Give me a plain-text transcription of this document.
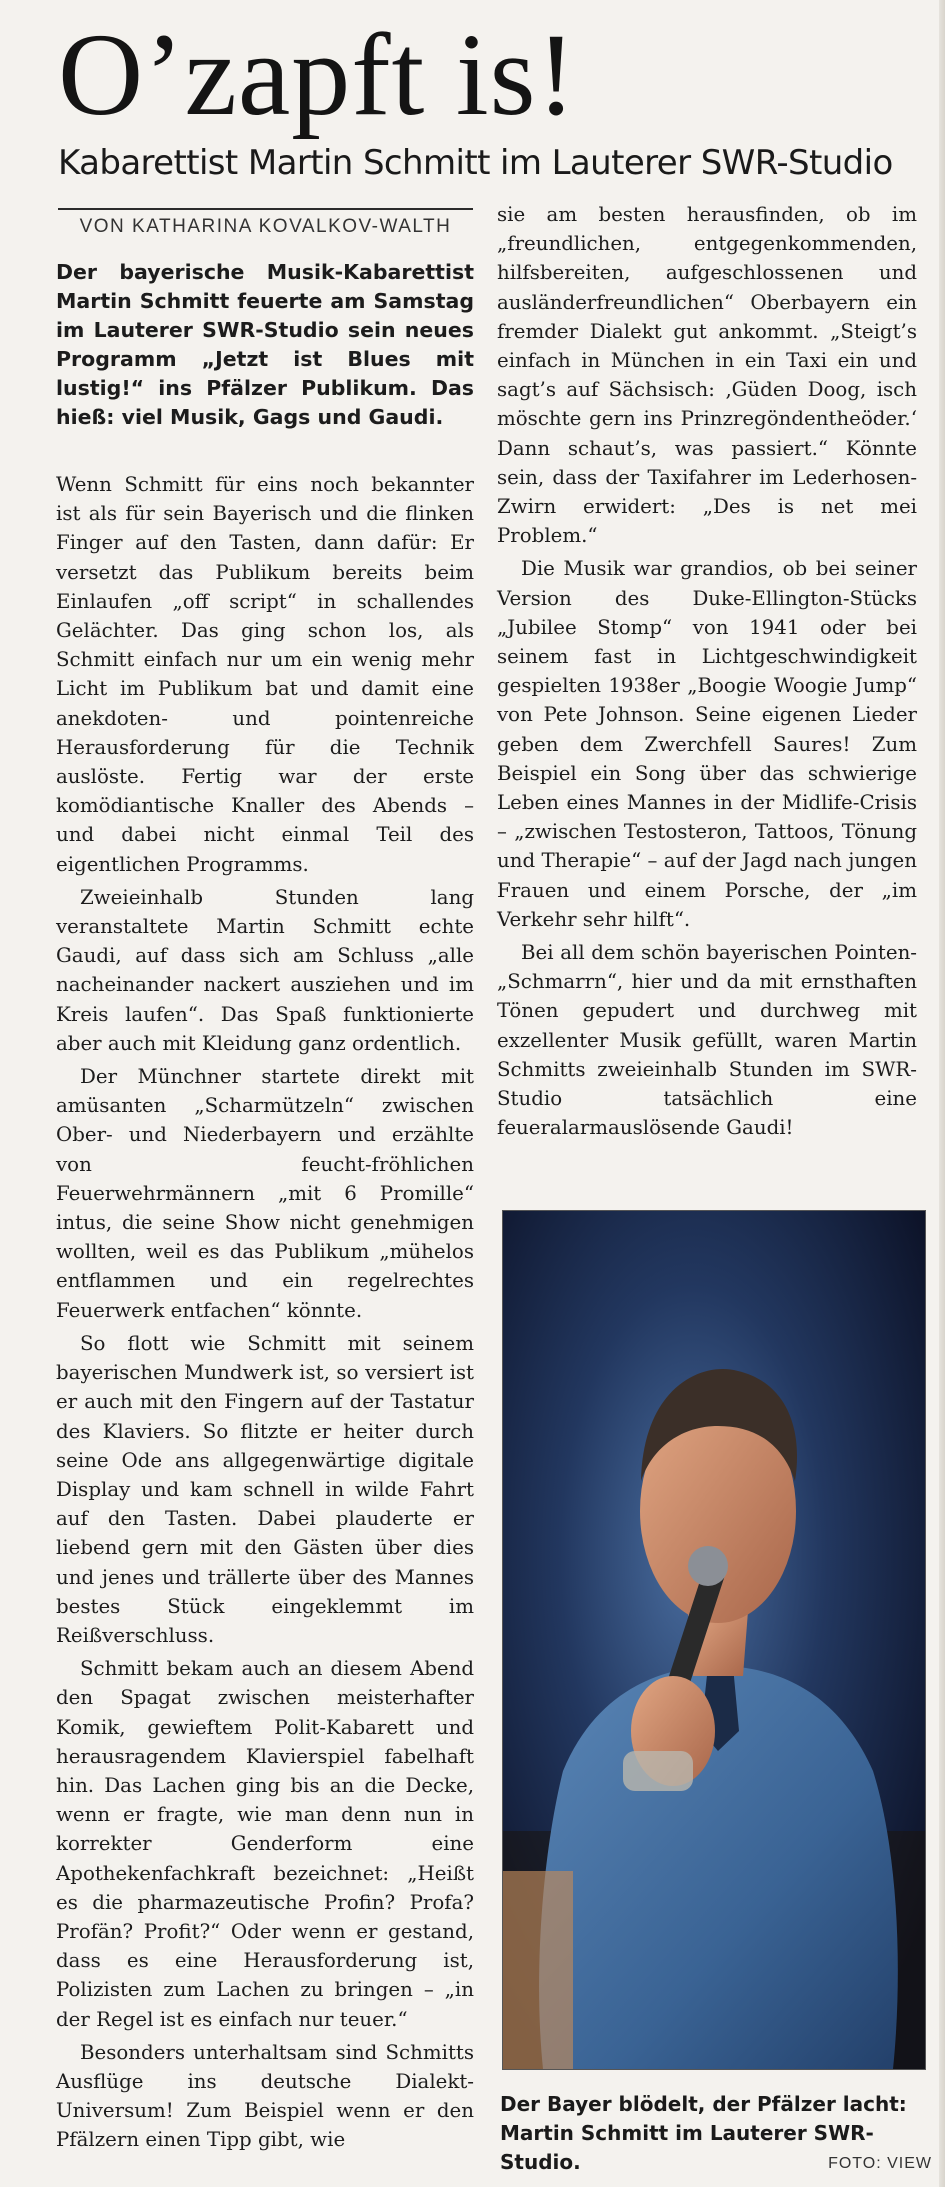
O’zapft is!
Kabarettist Martin Schmitt im Lauterer SWR-Studio
VON KATHARINA KOVALKOV-WALTH

Der bayerische Musik-Kabarettist Martin Schmitt feuerte am Samstag im Lauterer SWR-Studio sein neues Programm „Jetzt ist Blues mit lustig!“ ins Pfälzer Publikum. Das hieß: viel Musik, Gags und Gaudi.

Wenn Schmitt für eins noch bekannter ist als für sein Bayerisch und die flinken Finger auf den Tasten, dann dafür: Er versetzt das Publikum bereits beim Einlaufen „off script“ in schallendes Gelächter. Das ging schon los, als Schmitt einfach nur um ein wenig mehr Licht im Publikum bat und damit eine anekdoten- und pointenreiche Herausforderung für die Technik auslöste. Fertig war der erste komödiantische Knaller des Abends – und dabei nicht einmal Teil des eigentlichen Programms.

Zweieinhalb Stunden lang veranstaltete Martin Schmitt echte Gaudi, auf dass sich am Schluss „alle nacheinander nackert ausziehen und im Kreis laufen“. Das Spaß funktionierte aber auch mit Kleidung ganz ordentlich.

Der Münchner startete direkt mit amüsanten „Scharmützeln“ zwischen Ober- und Niederbayern und erzählte von feucht-fröhlichen Feuerwehrmännern „mit 6 Promille“ intus, die seine Show nicht genehmigen wollten, weil es das Publikum „mühelos entflammen und ein regelrechtes Feuerwerk entfachen“ könnte.

So flott wie Schmitt mit seinem bayerischen Mundwerk ist, so versiert ist er auch mit den Fingern auf der Tastatur des Klaviers. So flitzte er heiter durch seine Ode ans allgegenwärtige digitale Display und kam schnell in wilde Fahrt auf den Tasten. Dabei plauderte er liebend gern mit den Gästen über dies und jenes und trällerte über des Mannes bestes Stück eingeklemmt im Reißverschluss.

Schmitt bekam auch an diesem Abend den Spagat zwischen meisterhafter Komik, gewieftem Polit-Kabarett und herausragendem Klavierspiel fabelhaft hin. Das Lachen ging bis an die Decke, wenn er fragte, wie man denn nun in korrekter Genderform eine Apothekenfachkraft bezeichnet: „Heißt es die pharmazeutische Profin? Profa? Profän? Profit?“ Oder wenn er gestand, dass es eine Herausforderung ist, Polizisten zum Lachen zu bringen – „in der Regel ist es einfach nur teuer.“

Besonders unterhaltsam sind Schmitts Ausflüge ins deutsche Dialekt-Universum! Zum Beispiel wenn er den Pfälzern einen Tipp gibt, wie

sie am besten herausfinden, ob im „freundlichen, entgegenkommenden, hilfsbereiten, aufgeschlossenen und ausländerfreundlichen“ Oberbayern ein fremder Dialekt gut ankommt. „Steigt’s einfach in München in ein Taxi ein und sagt’s auf Sächsisch: ‚Güden Doog, isch möschte gern ins Prinzregöndentheöder.‘ Dann schaut’s, was passiert.“ Könnte sein, dass der Taxifahrer im Lederhosen-Zwirn erwidert: „Des is net mei Problem.“

Die Musik war grandios, ob bei seiner Version des Duke-Ellington-Stücks „Jubilee Stomp“ von 1941 oder bei seinem fast in Lichtgeschwindigkeit gespielten 1938er „Boogie Woogie Jump“ von Pete Johnson. Seine eigenen Lieder geben dem Zwerchfell Saures! Zum Beispiel ein Song über das schwierige Leben eines Mannes in der Midlife-Crisis – „zwischen Testosteron, Tattoos, Tönung und Therapie“ – auf der Jagd nach jungen Frauen und einem Porsche, der „im Verkehr sehr hilft“.

Bei all dem schön bayerischen Pointen-„Schmarrn“, hier und da mit ernsthaften Tönen gepudert und durchweg mit exzellenter Musik gefüllt, waren Martin Schmitts zweieinhalb Stunden im SWR-Studio tatsächlich eine feueralarmauslösende Gaudi!

Der Bayer blödelt, der Pfälzer lacht: Martin Schmitt im Lauterer SWR-Studio.	FOTO: VIEW
